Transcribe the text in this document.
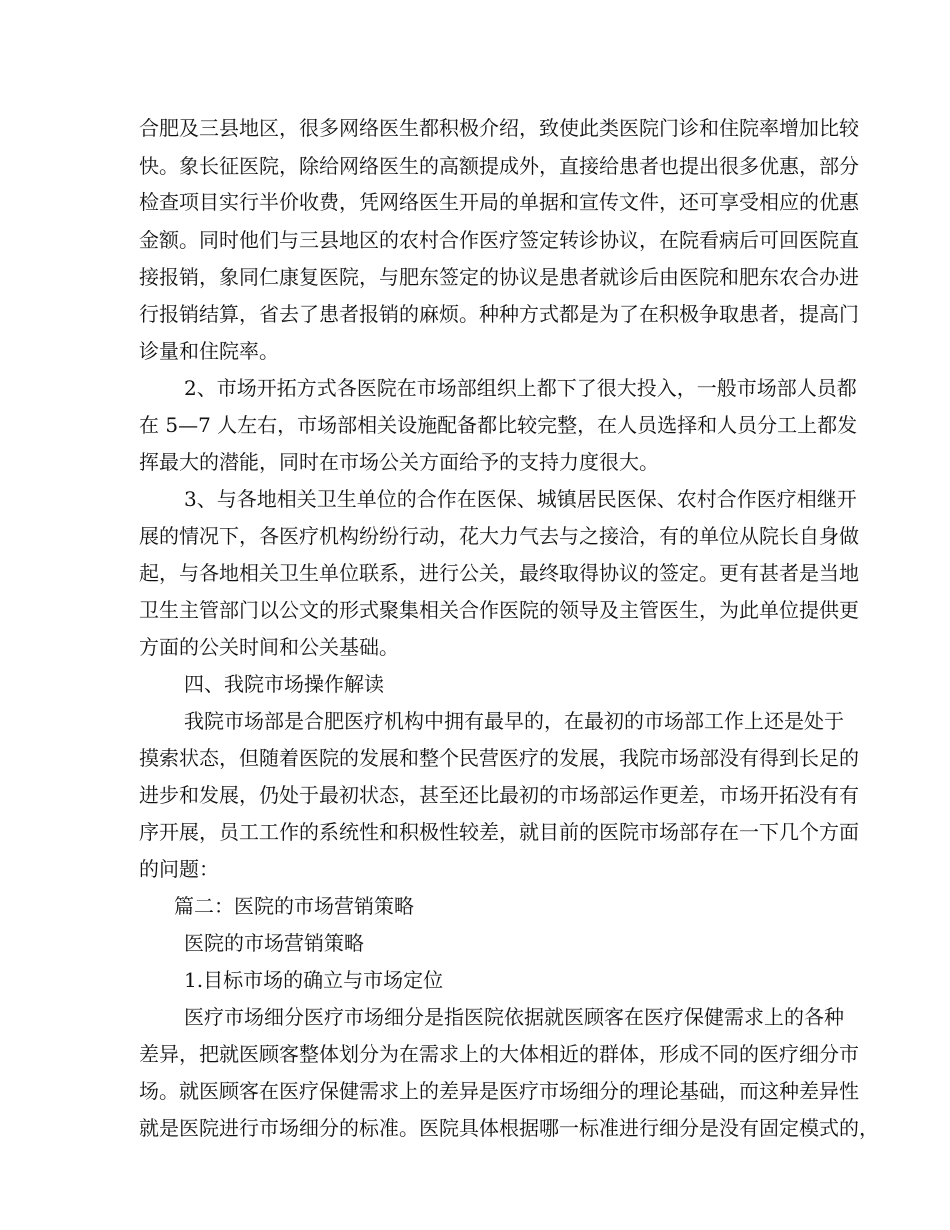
合肥及三县地区，很多网络医生都积极介绍，致使此类医院门诊和住院率增加比较
快。象长征医院，除给网络医生的高额提成外，直接给患者也提出很多优惠，部分
检查项目实行半价收费，凭网络医生开局的单据和宣传文件，还可享受相应的优惠
金额。同时他们与三县地区的农村合作医疗签定转诊协议，在院看病后可回医院直
接报销，象同仁康复医院，与肥东签定的协议是患者就诊后由医院和肥东农合办进
行报销结算，省去了患者报销的麻烦。种种方式都是为了在积极争取患者，提高门
诊量和住院率。
2、市场开拓方式各医院在市场部组织上都下了很大投入，一般市场部人员都
在 5—7 人左右，市场部相关设施配备都比较完整，在人员选择和人员分工上都发
挥最大的潜能，同时在市场公关方面给予的支持力度很大。
3、与各地相关卫生单位的合作在医保、城镇居民医保、农村合作医疗相继开
展的情况下，各医疗机构纷纷行动，花大力气去与之接洽，有的单位从院长自身做
起，与各地相关卫生单位联系，进行公关，最终取得协议的签定。更有甚者是当地
卫生主管部门以公文的形式聚集相关合作医院的领导及主管医生，为此单位提供更
方面的公关时间和公关基础。
四、我院市场操作解读
我院市场部是合肥医疗机构中拥有最早的，在最初的市场部工作上还是处于
摸索状态，但随着医院的发展和整个民营医疗的发展，我院市场部没有得到长足的
进步和发展，仍处于最初状态，甚至还比最初的市场部运作更差，市场开拓没有有
序开展，员工工作的系统性和积极性较差，就目前的医院市场部存在一下几个方面
的问题：
篇二：医院的市场营销策略
医院的市场营销策略
1.目标市场的确立与市场定位
医疗市场细分医疗市场细分是指医院依据就医顾客在医疗保健需求上的各种
差异，把就医顾客整体划分为在需求上的大体相近的群体，形成不同的医疗细分市
场。就医顾客在医疗保健需求上的差异是医疗市场细分的理论基础，而这种差异性
就是医院进行市场细分的标准。医院具体根据哪一标准进行细分是没有固定模式的，
